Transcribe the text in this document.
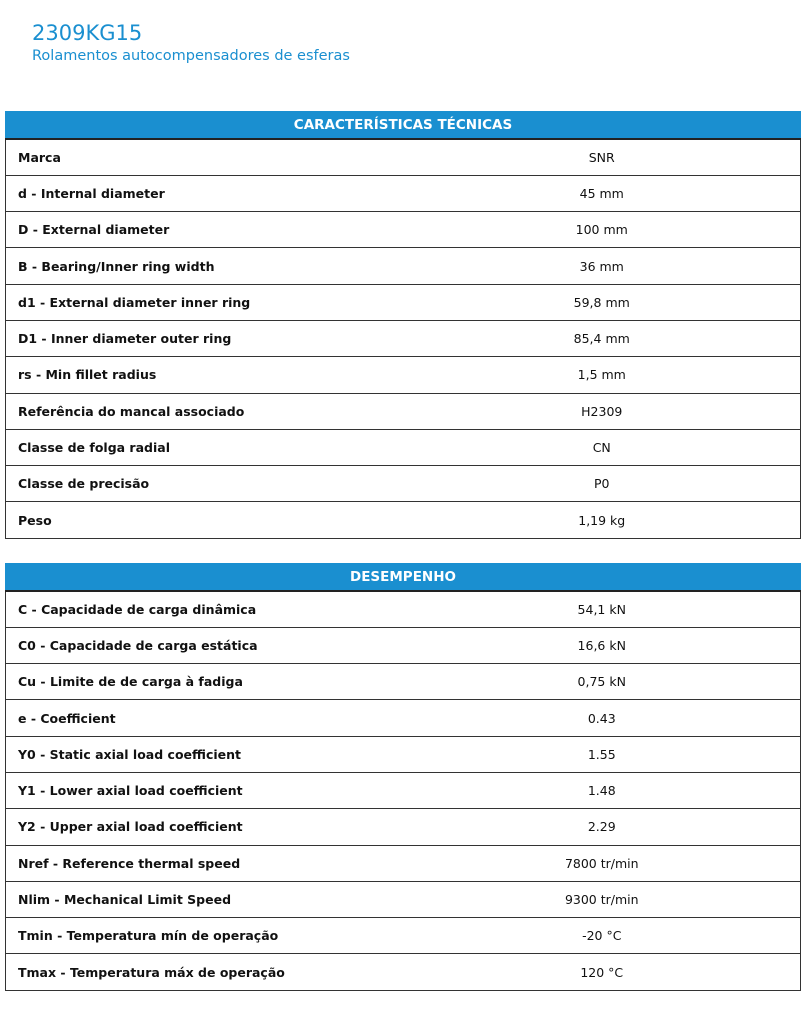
2309KG15

Rolamentos autocompensadores de esferas

CARACTERÍSTICAS TÉCNICAS	
Marca	SNR
d - Internal diameter	45 mm
D - External diameter	100 mm
B - Bearing/Inner ring width	36 mm
d1 - External diameter inner ring	59,8 mm
D1 - Inner diameter outer ring	85,4 mm
rs - Min fillet radius	1,5 mm
Referência do mancal associado	H2309
Classe de folga radial	CN
Classe de precisão	P0
Peso	1,19 kg
DESEMPENHO	
C - Capacidade de carga dinâmica	54,1 kN
C0 - Capacidade de carga estática	16,6 kN
Cu - Limite de de carga à fadiga	0,75 kN
e - Coefficient	0.43
Y0 - Static axial load coefficient	1.55
Y1 - Lower axial load coefficient	1.48
Y2 - Upper axial load coefficient	2.29
Nref - Reference thermal speed	7800 tr/min
Nlim - Mechanical Limit Speed	9300 tr/min
Tmin - Temperatura mín de operação	-20 °C
Tmax - Temperatura máx de operação	120 °C
